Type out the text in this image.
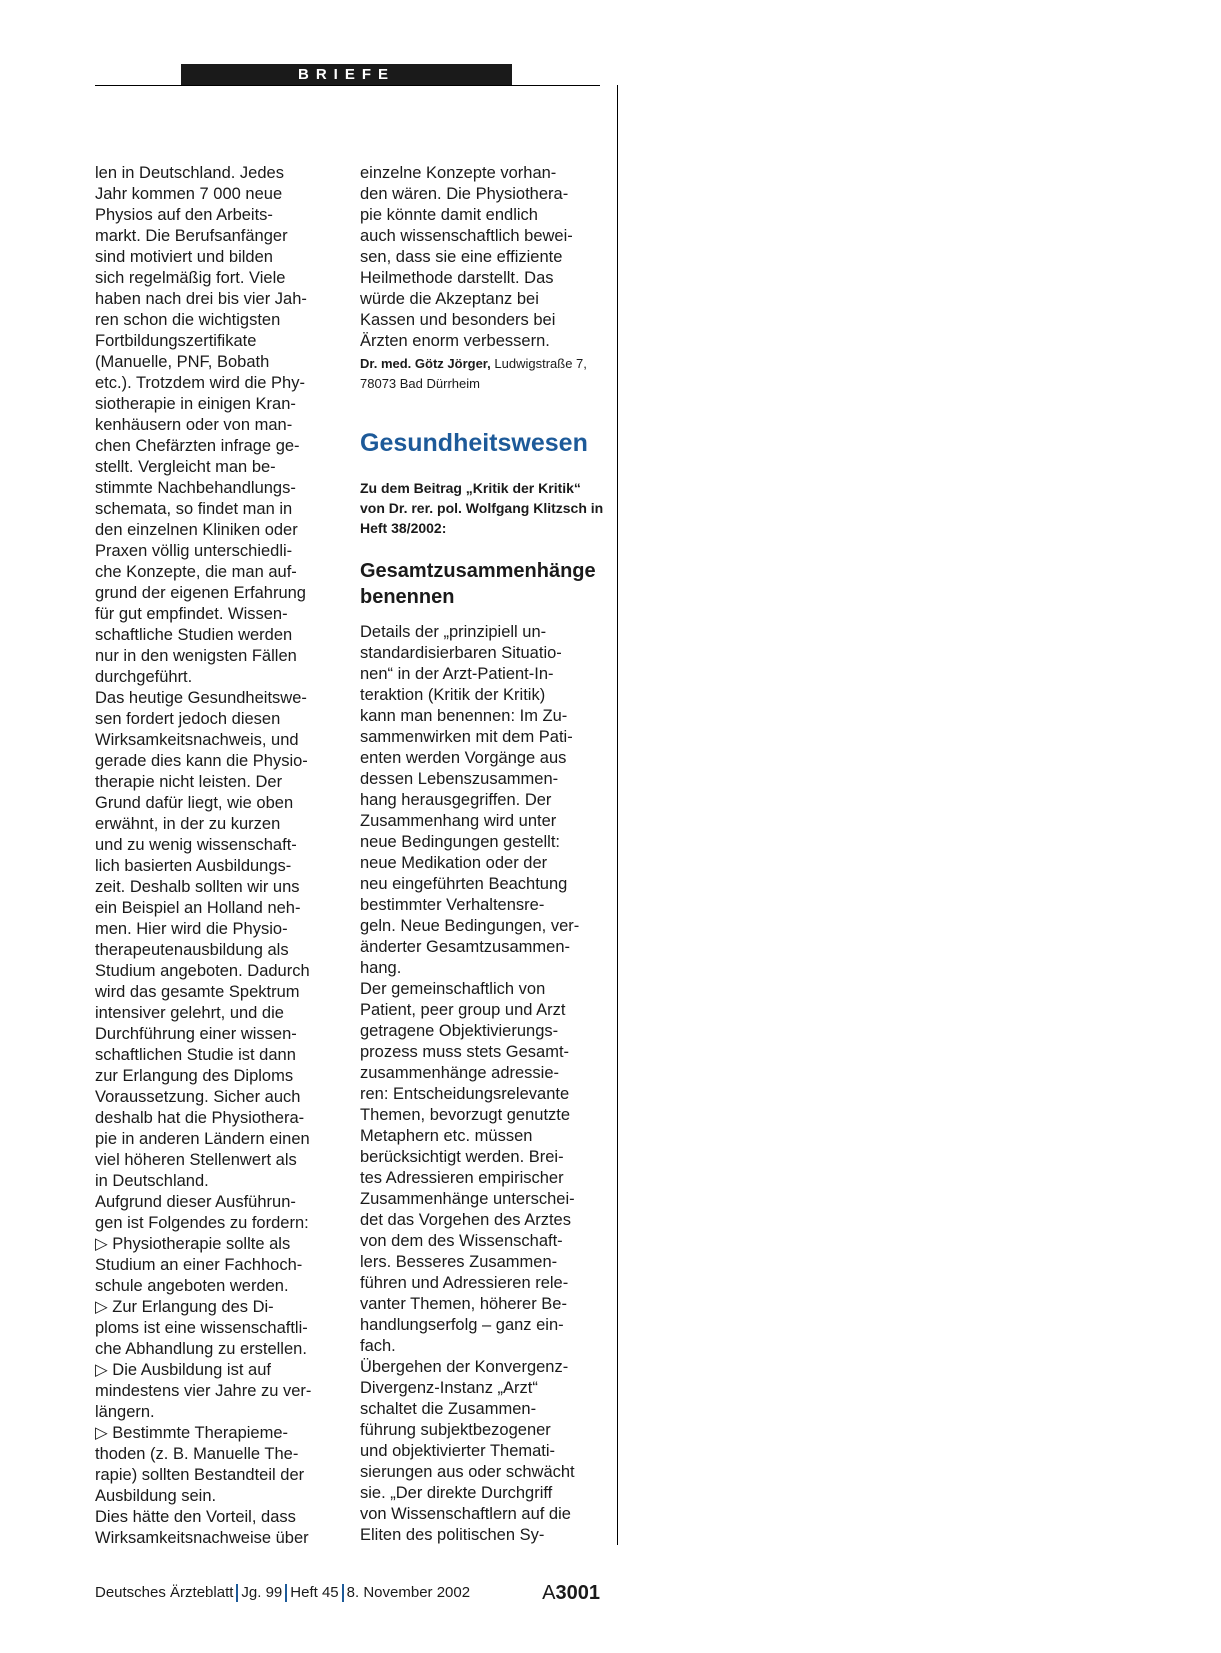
BRIEFE
len in Deutschland. Jedes
Jahr kommen 7 000 neue
Physios auf den Arbeits-
markt. Die Berufsanfänger
sind motiviert und bilden
sich regelmäßig fort. Viele
haben nach drei bis vier Jah-
ren schon die wichtigsten
Fortbildungszertifikate
(Manuelle, PNF, Bobath
etc.). Trotzdem wird die Phy-
siotherapie in einigen Kran-
kenhäusern oder von man-
chen Chefärzten infrage ge-
stellt. Vergleicht man be-
stimmte Nachbehandlungs-
schemata, so findet man in
den einzelnen Kliniken oder
Praxen völlig unterschiedli-
che Konzepte, die man auf-
grund der eigenen Erfahrung
für gut empfindet. Wissen-
schaftliche Studien werden
nur in den wenigsten Fällen
durchgeführt.
Das heutige Gesundheitswe-
sen fordert jedoch diesen
Wirksamkeitsnachweis, und
gerade dies kann die Physio-
therapie nicht leisten. Der
Grund dafür liegt, wie oben
erwähnt, in der zu kurzen
und zu wenig wissenschaft-
lich basierten Ausbildungs-
zeit. Deshalb sollten wir uns
ein Beispiel an Holland neh-
men. Hier wird die Physio-
therapeutenausbildung als
Studium angeboten. Dadurch
wird das gesamte Spektrum
intensiver gelehrt, und die
Durchführung einer wissen-
schaftlichen Studie ist dann
zur Erlangung des Diploms
Voraussetzung. Sicher auch
deshalb hat die Physiothera-
pie in anderen Ländern einen
viel höheren Stellenwert als
in Deutschland.
Aufgrund dieser Ausführun-
gen ist Folgendes zu fordern:
▷ Physiotherapie sollte als
Studium an einer Fachhoch-
schule angeboten werden.
▷ Zur Erlangung des Di-
ploms ist eine wissenschaftli-
che Abhandlung zu erstellen.
▷ Die Ausbildung ist auf
mindestens vier Jahre zu ver-
längern.
▷ Bestimmte Therapieme-
thoden (z. B. Manuelle The-
rapie) sollten Bestandteil der
Ausbildung sein.
Dies hätte den Vorteil, dass
Wirksamkeitsnachweise über
einzelne Konzepte vorhan-
den wären. Die Physiothera-
pie könnte damit endlich
auch wissenschaftlich bewei-
sen, dass sie eine effiziente
Heilmethode darstellt. Das
würde die Akzeptanz bei
Kassen und besonders bei
Ärzten enorm verbessern.
Dr. med. Götz Jörger, Ludwigstraße 7,
78073 Bad Dürrheim
Gesundheitswesen
Zu dem Beitrag „Kritik der Kritik“
von Dr. rer. pol. Wolfgang Klitzsch in
Heft 38/2002:
Gesamtzusammenhänge
benennen
Details der „prinzipiell un-
standardisierbaren Situatio-
nen“ in der Arzt-Patient-In-
teraktion (Kritik der Kritik)
kann man benennen: Im Zu-
sammenwirken mit dem Pati-
enten werden Vorgänge aus
dessen Lebenszusammen-
hang herausgegriffen. Der
Zusammenhang wird unter
neue Bedingungen gestellt:
neue Medikation oder der
neu eingeführten Beachtung
bestimmter Verhaltensre-
geln. Neue Bedingungen, ver-
änderter Gesamtzusammen-
hang.
Der gemeinschaftlich von
Patient, peer group und Arzt
getragene Objektivierungs-
prozess muss stets Gesamt-
zusammenhänge adressie-
ren: Entscheidungsrelevante
Themen, bevorzugt genutzte
Metaphern etc. müssen
berücksichtigt werden. Brei-
tes Adressieren empirischer
Zusammenhänge unterschei-
det das Vorgehen des Arztes
von dem des Wissenschaft-
lers. Besseres Zusammen-
führen und Adressieren rele-
vanter Themen, höherer Be-
handlungserfolg – ganz ein-
fach.
Übergehen der Konvergenz-
Divergenz-Instanz „Arzt“
schaltet die Zusammen-
führung subjektbezogener
und objektivierter Themati-
sierungen aus oder schwächt
sie. „Der direkte Durchgriff
von Wissenschaftlern auf die
Eliten des politischen Sy-
Deutsches Ärzteblatt Jg. 99 Heft 45 8. November 2002	A3001
